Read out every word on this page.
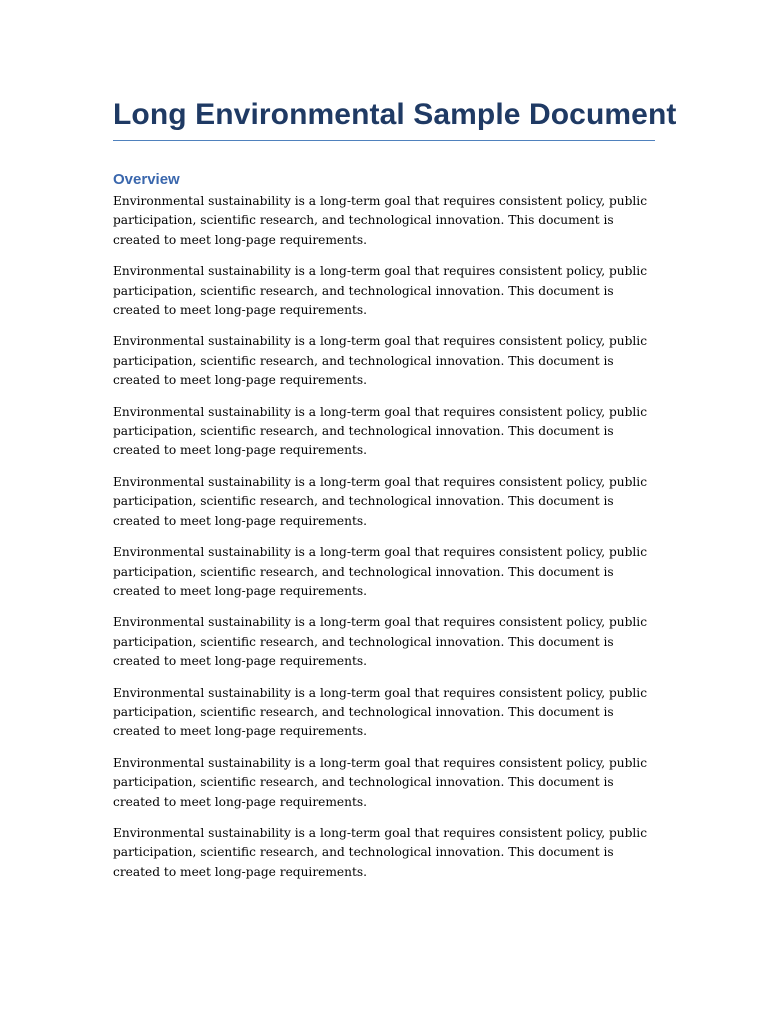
Long Environmental Sample Document
Overview

Environmental sustainability is a long-term goal that requires consistent policy, public participation, scientific research, and technological innovation. This document is created to meet long-page requirements.

Environmental sustainability is a long-term goal that requires consistent policy, public participation, scientific research, and technological innovation. This document is created to meet long-page requirements.

Environmental sustainability is a long-term goal that requires consistent policy, public participation, scientific research, and technological innovation. This document is created to meet long-page requirements.

Environmental sustainability is a long-term goal that requires consistent policy, public participation, scientific research, and technological innovation. This document is created to meet long-page requirements.

Environmental sustainability is a long-term goal that requires consistent policy, public participation, scientific research, and technological innovation. This document is created to meet long-page requirements.

Environmental sustainability is a long-term goal that requires consistent policy, public participation, scientific research, and technological innovation. This document is created to meet long-page requirements.

Environmental sustainability is a long-term goal that requires consistent policy, public participation, scientific research, and technological innovation. This document is created to meet long-page requirements.

Environmental sustainability is a long-term goal that requires consistent policy, public participation, scientific research, and technological innovation. This document is created to meet long-page requirements.

Environmental sustainability is a long-term goal that requires consistent policy, public participation, scientific research, and technological innovation. This document is created to meet long-page requirements.

Environmental sustainability is a long-term goal that requires consistent policy, public participation, scientific research, and technological innovation. This document is created to meet long-page requirements.
